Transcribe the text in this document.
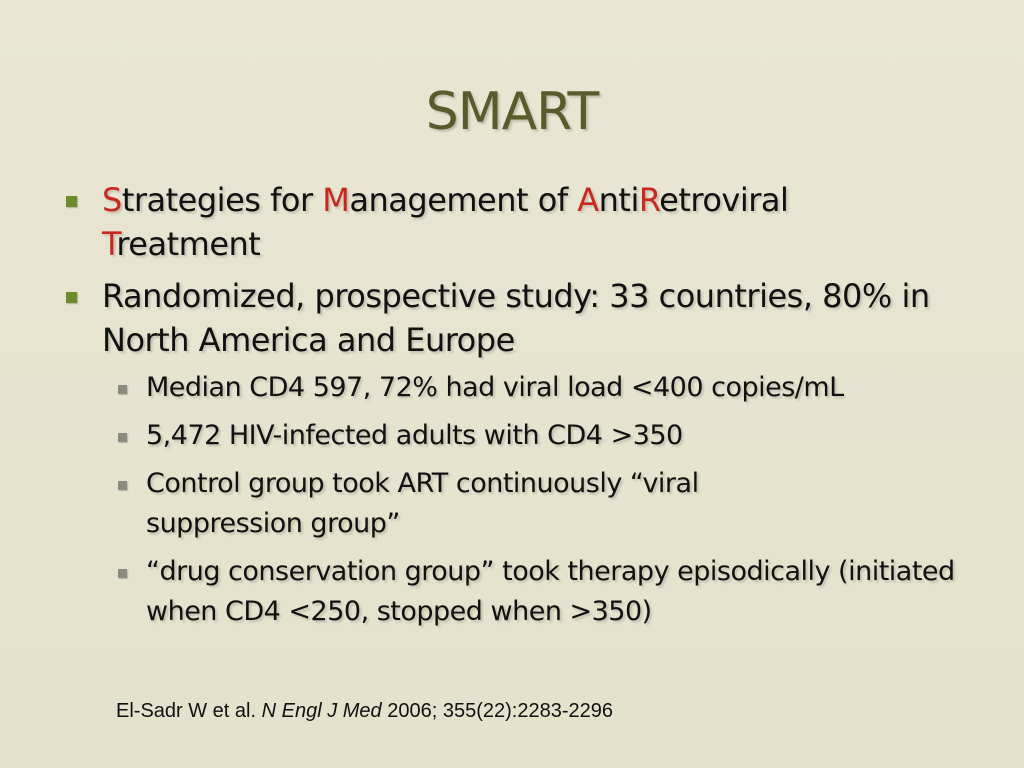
SMART
Strategies for Management of AntiRetroviral
Treatment
Randomized, prospective study: 33 countries, 80% in North America and Europe
Median CD4 597, 72% had viral load <400 copies/mL
5,472 HIV-infected adults with CD4 >350
Control group took ART continuously “viral suppression group”
“drug conservation group” took therapy episodically (initiated when CD4 <250, stopped when >350)
El-Sadr W et al. N Engl J Med 2006; 355(22):2283-2296
